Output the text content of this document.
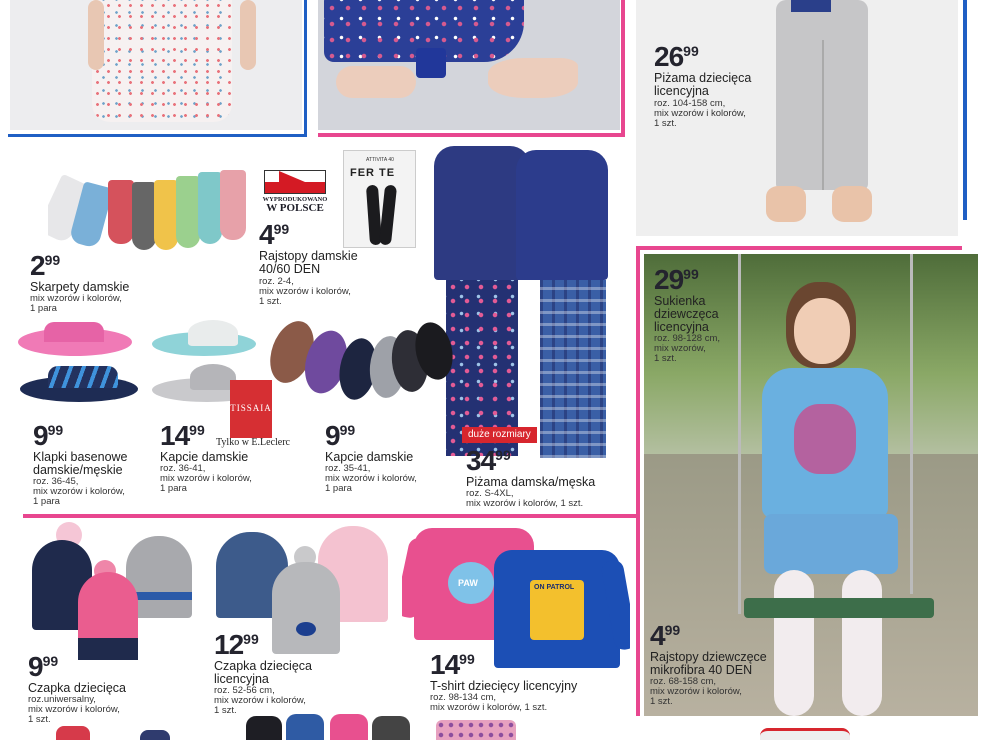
2699
Piżama dziecięca licencyjna
roz. 104-158 cm,
mix wzorów i kolorów,
1 szt.
299
Skarpety damskie
mix wzorów i kolorów,
1 para
WYPRODUKOWANO
W POLSCE
ATTIVITA 40
FER TE
499
Rajstopy damskie
40/60 DEN
roz. 2-4,
mix wzorów i kolorów,
1 szt.
duże rozmiary
3499
Piżama damska/męska
roz. S-4XL,
mix wzorów i kolorów, 1 szt.
999
Klapki basenowe
damskie/męskie
roz. 36-45,
mix wzorów i kolorów,
1 para
TISSAIA
Tylko w E.Leclerc
1499
Kapcie damskie
roz. 36-41,
mix wzorów i kolorów,
1 para
999
Kapcie damskie
roz. 35-41,
mix wzorów i kolorów,
1 para
2999
Sukienka
dziewczęca
licencyjna
roz. 98-128 cm,
mix wzorów,
1 szt.
499
Rajstopy dziewczęce
mikrofibra 40 DEN
roz. 68-158 cm,
mix wzorów i kolorów,
1 szt.
999
Czapka dziecięca
roz.uniwersalny,
mix wzorów i kolorów,
1 szt.
1299
Czapka dziecięca
licencyjna
roz. 52-56 cm,
mix wzorów i kolorów,
1 szt.
PAW	ON PATROL
1499
T-shirt dziecięcy licencyjny
roz. 98-134 cm,
mix wzorów i kolorów, 1 szt.
